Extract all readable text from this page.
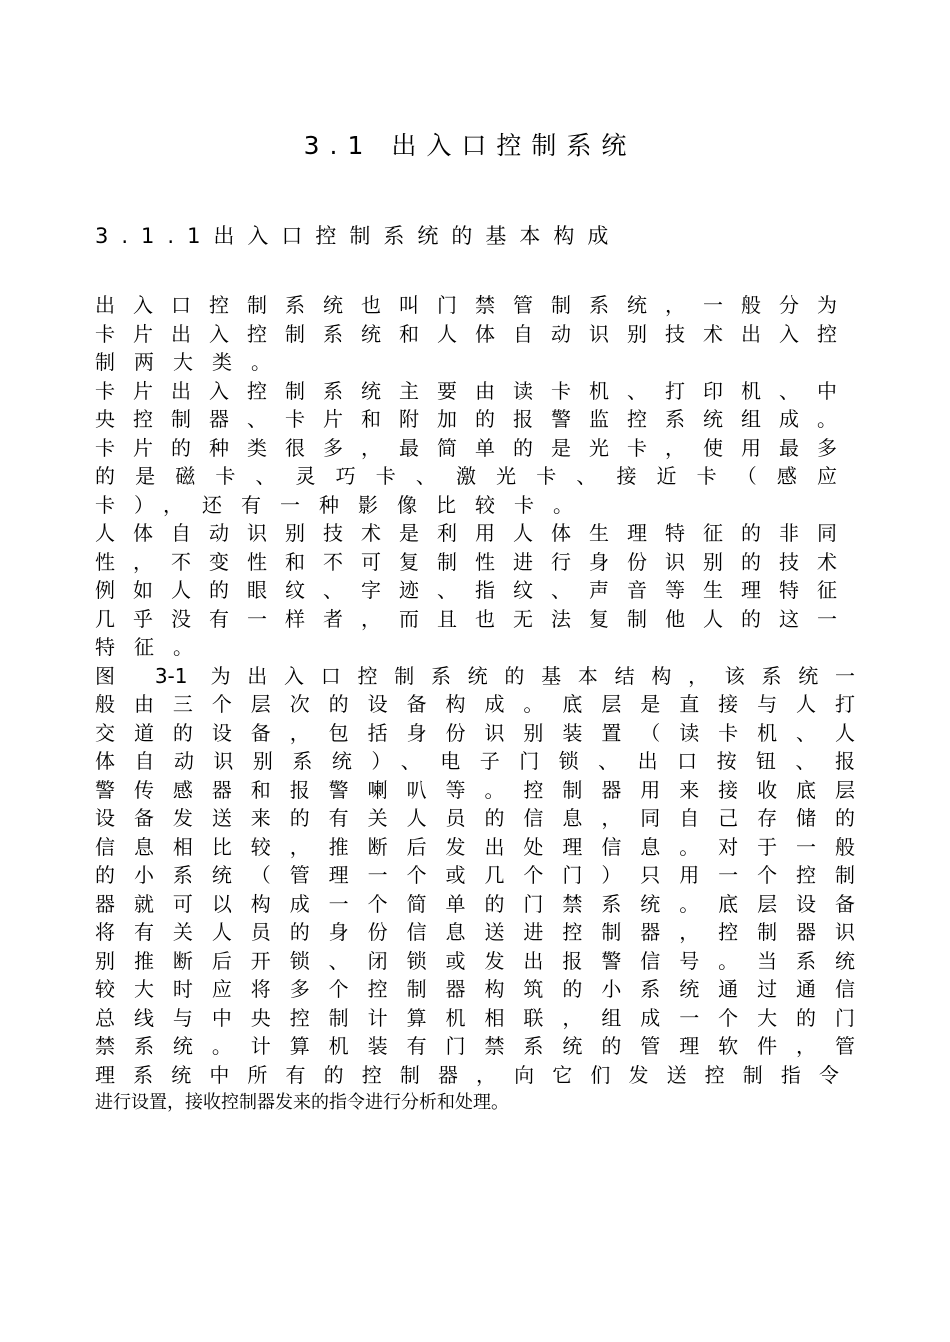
3.1 出入口控制系统
3.1.1出入口控制系统的基本构成
出入口控制系统也叫门禁管制系统，一般分为
卡片出入控制系统和人体自动识别技术出入控
制两大类。
卡片出入控制系统主要由读卡机、打印机、中
央控制器、卡片和附加的报警监控系统组成。
卡片的种类很多，最简单的是光卡，使用最多
的是磁卡、灵巧卡、激光卡、接近卡（感应
卡），还有一种影像比较卡。
人体自动识别技术是利用人体生理特征的非同
性，不变性和不可复制性进行身份识别的技术
例如人的眼纹、字迹、指纹、声音等生理特征
几乎没有一样者，而且也无法复制他人的这一
特征。
图 3-1 为出入口控制系统的基本结构，该系统一
般由三个层次的设备构成。底层是直接与人打
交道的设备，包括身份识别装置（读卡机、人
体自动识别系统）、电子门锁、出口按钮、报
警传感器和报警喇叭等。控制器用来接收底层
设备发送来的有关人员的信息，同自己存储的
信息相比较，推断后发出处理信息。对于一般
的小系统（管理一个或几个门）只用一个控制
器就可以构成一个简单的门禁系统。底层设备
将有关人员的身份信息送进控制器，控制器识
别推断后开锁、闭锁或发出报警信号。当系统
较大时应将多个控制器构筑的小系统通过通信
总线与中央控制计算机相联，组成一个大的门
禁系统。计算机装有门禁系统的管理软件，管
理系统中所有的控制器，向它们发送控制指令
进行设置，接收控制器发来的指令进行分析和处理。
